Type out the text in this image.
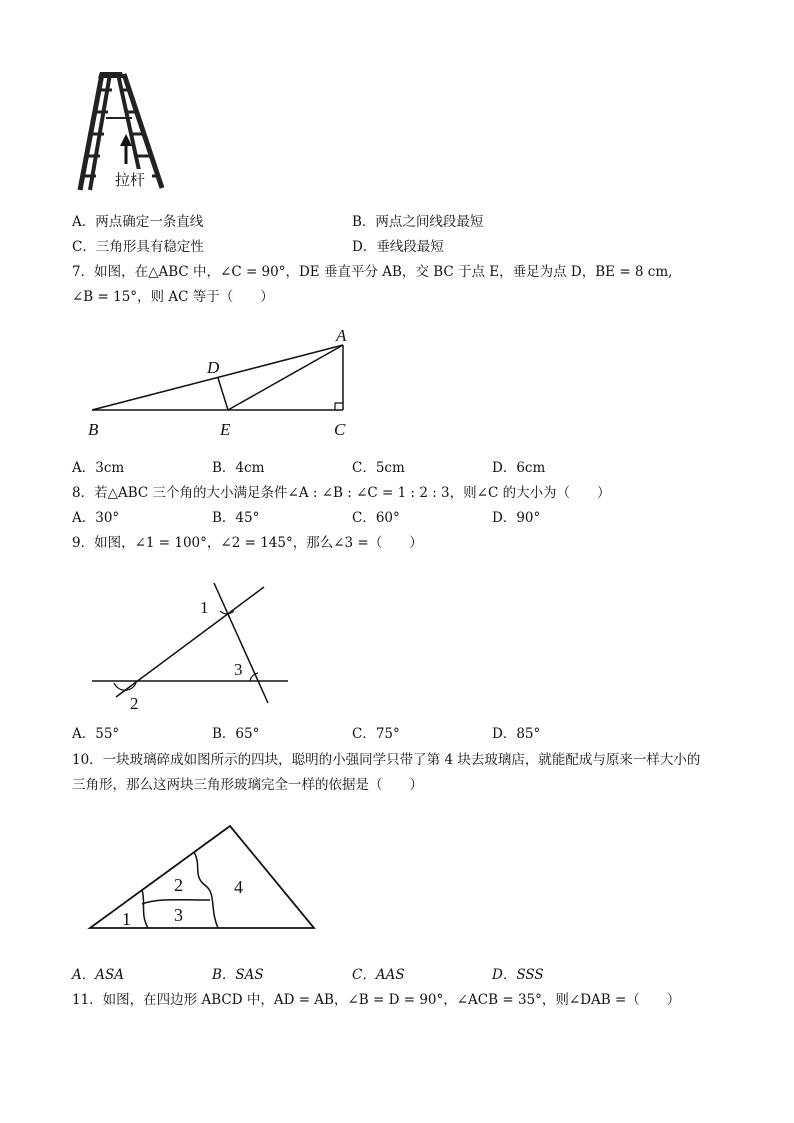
拉杆
A．两点确定一条直线	B．两点之间线段最短
C．三角形具有稳定性	D．垂线段最短
7．如图，在△ABC 中，∠C = 90°，DE 垂直平分 AB，交 BC 于点 E，垂足为点 D，BE = 8 cm,
∠B = 15°，则 AC 等于（　　）
A
B	C
D
E
A．3cm	B．4cm	C．5cm	D．6cm
8．若△ABC 三个角的大小满足条件∠A : ∠B : ∠C = 1 : 2 : 3，则∠C 的大小为（　　）
A．30°	B．45°	C．60°	D．90°
9．如图，∠1 = 100°，∠2 = 145°，那么∠3 =（　　）
1
2
3
A．55°	B．65°	C．75°	D．85°
10．一块玻璃碎成如图所示的四块，聪明的小强同学只带了第 4 块去玻璃店，就能配成与原来一样大小的
三角形，那么这两块三角形玻璃完全一样的依据是（　　）
1
2
3
4
A．ASA	B．SAS	C．AAS	D．SSS
11．如图，在四边形 ABCD 中，AD = AB，∠B = D = 90°，∠ACB = 35°，则∠DAB =（　　）
